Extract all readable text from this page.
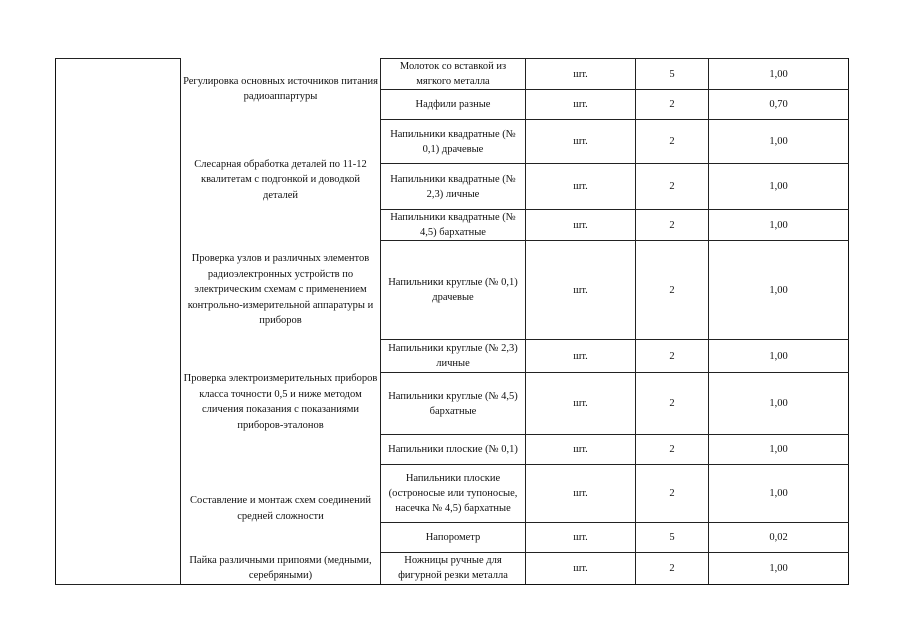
	Регулировка основных источников питания радиоаппартуры	Молоток со вставкой из мягкого металла	шт.	5	1,00
		Надфили разные	шт.	2	0,70
	Слесарная обработка деталей по 11-12 квалитетам с подгонкой и доводкой деталей	Напильники квадратные (№ 0,1) драчевые	шт.	2	1,00
		Напильники квадратные (№ 2,3) личные	шт.	2	1,00
		Напильники квадратные (№ 4,5) бархатные	шт.	2	1,00
	Проверка узлов и различных элементов радиоэлектронных устройств по электрическим схемам с применением контрольно-измерительной аппаратуры и приборов	Напильники круглые (№ 0,1) драчевые	шт.	2	1,00
	Проверка электроизмерительных приборов класса точности 0,5 и ниже методом сличения показания с показаниями приборов-эталонов	Напильники круглые (№ 2,3) личные	шт.	2	1,00
		Напильники круглые (№ 4,5) бархатные	шт.	2	1,00
		Напильники плоские (№ 0,1)	шт.	2	1,00
	Составление и монтаж схем соединений средней сложности	Напильники плоские (остроносые или тупоносые, насечка № 4,5) бархатные	шт.	2	1,00
		Напорометр	шт.	5	0,02
	Пайка различными припоями (медными, серебряными)	Ножницы ручные для фигурной резки металла	шт.	2	1,00
